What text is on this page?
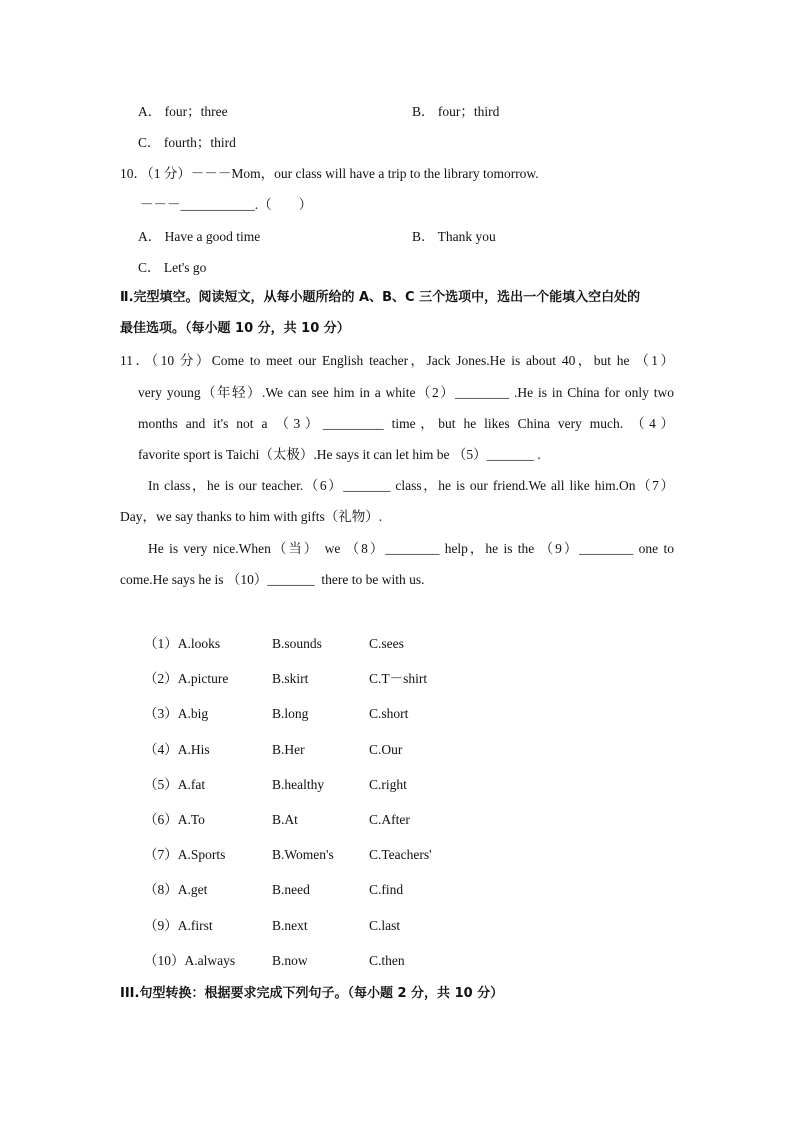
A． four；three	B． four；third
C． fourth；third
10．（1 分）－－－Mom，our class will have a trip to the library tomorrow.
－－－___________.（　　）
A． Have a good time	B． Thank you
C． Let's go
Ⅱ.完型填空。阅读短文，从每小题所给的 A、B、C 三个选项中，选出一个能填入空白处的
最佳选项。（每小题 10 分，共 10 分）
11．（10 分）Come to meet our English teacher，Jack Jones.He is about 40，but he （1）
very young（年轻）.We can see him in a white（2）________ .He is in China for only two
months and it's not a （3）_________ time，but he likes China very much. （4）
favorite sport is Taichi（太极）.He says it can let him be （5）_______ .
In class，he is our teacher.（6）_______ class，he is our friend.We all like him.On（7）
Day，we say thanks to him with gifts（礼物）.
He is very nice.When（当） we （8）________ help，he is the （9）________ one to
come.He says he is （10）_______  there to be with us.
（1）A.looks	B.sounds	C.sees
（2）A.picture	B.skirt	C.T－shirt
（3）A.big	B.long	C.short
（4）A.His	B.Her	C.Our
（5）A.fat	B.healthy	C.right
（6）A.To	B.At	C.After
（7）A.Sports	B.Women's	C.Teachers'
（8）A.get	B.need	C.find
（9）A.first	B.next	C.last
（10）A.always	B.now	C.then
III.句型转换：根据要求完成下列句子。（每小题 2 分，共 10 分）
